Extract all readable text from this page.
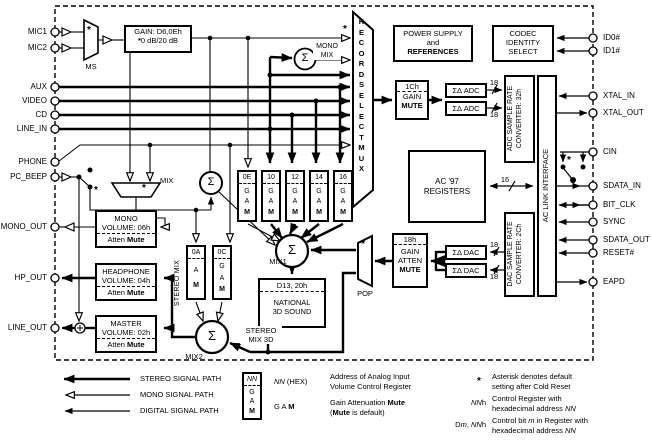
MIC1
MIC2
AUX
VIDEO
CD
LINE_IN
PHONE
PC_BEEP
MONO_OUT
HP_OUT
LINE_OUT
ID0#
ID1#
XTAL_IN
XTAL_OUT
CIN
SDATA_IN
BIT_CLK
SYNC
SDATA_OUT
RESET#
EAPD
GAIN: D6,0Eh
*0 dB/20 dB
POWER SUPPLY
and
REFERENCES
CODEC
IDENTITY
SELECT
1Ch
GAIN
MUTE
ΣΔ ADC
ΣΔ ADC
ΣΔ DAC
ΣΔ DAC
ADC SAMPLE RATE CONVERTER: 32h
DAC SAMPLE RATE CONVERTER: 2Ch
AC LINK INTERFACE
AC '97
REGISTERS
MONO
VOLUME: 06h
Atten Mute
HEADPHONE
VOLUME: 04h
Atten Mute
MASTER
VOLUME: 02h
Atten Mute
D13, 20h
NATIONAL
3D SOUND
18h
GAIN
ATTEN
MUTE
0E
G
A
M
10
G
A
M
12
G
A
M
14
G
A
M
16
G
A
M
0A
A
M
0C
G
A
M
Σ
Σ
Σ
Σ
MS
MIX
POP
MIX1
MIX2
MONO
MIX
RECORD SELECT MUX
STEREO MIX
STEREO
MIX 3D
16
18
18
18
18
*	*
*
*
*
*
STEREO SIGNAL PATH
MONO SIGNAL PATH
DIGITAL SIGNAL PATH
NN
G
A
M
NN (HEX)
Address of Analog Input
Volume Control Register
G A M	Gain Attenuation Mute
(Mute is default)
* Asterisk denotes default
setting after Cold Reset
NNh Control Register with
hexadecimal address NN
Dm, NNh Control bit m in Register with
hexadecimal address NN
